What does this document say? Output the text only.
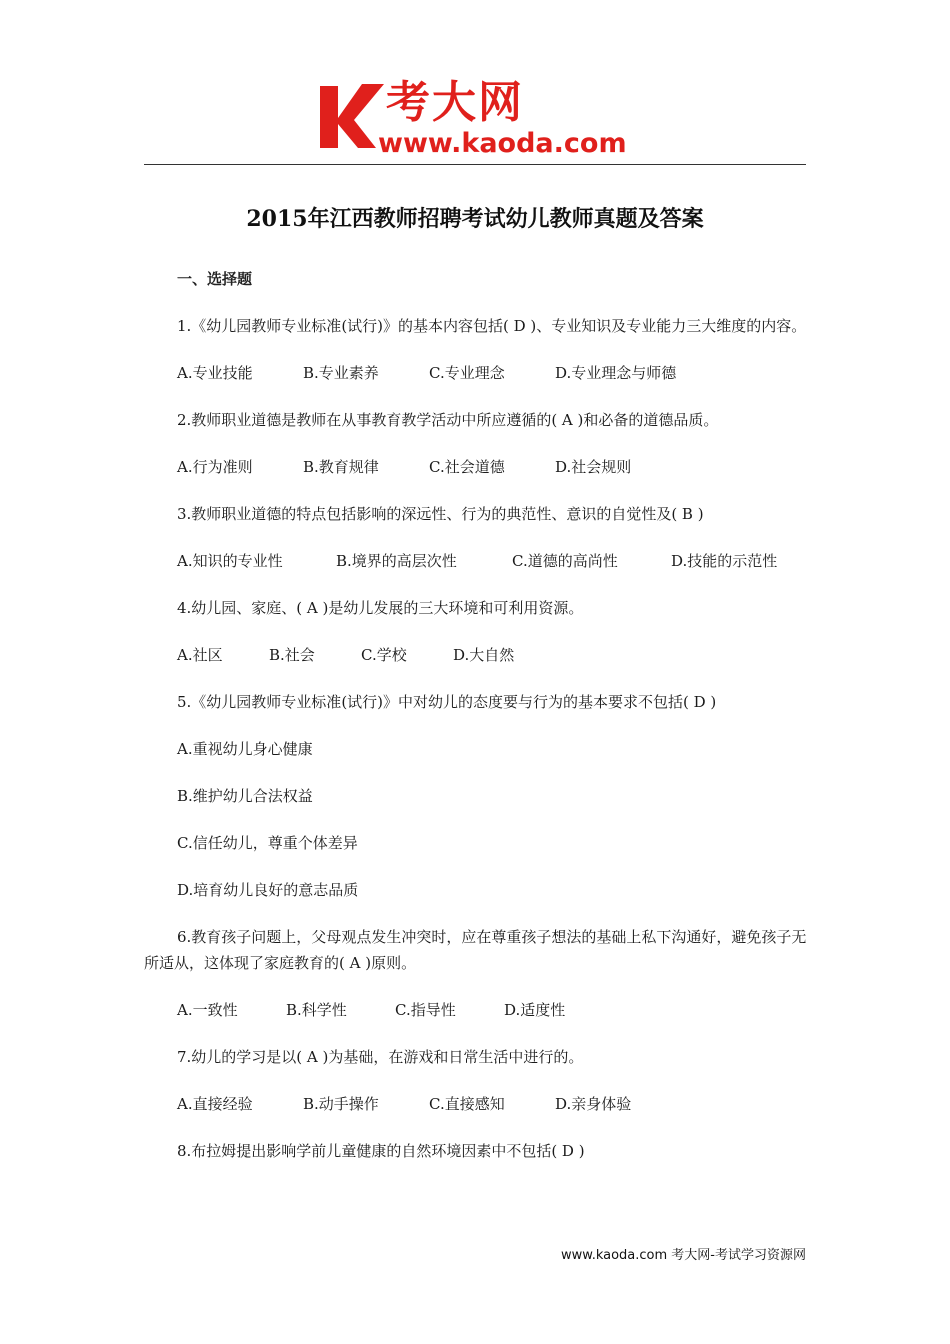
考大网
www.kaoda.com
2015年江西教师招聘考试幼儿教师真题及答案
一、选择题
1.《幼儿园教师专业标准(试行)》的基本内容包括( D )、专业知识及专业能力三大维度的内容。
A.专业技能	B.专业素养	C.专业理念	D.专业理念与师德
2.教师职业道德是教师在从事教育教学活动中所应遵循的( A )和必备的道德品质。
A.行为准则	B.教育规律	C.社会道德	D.社会规则
3.教师职业道德的特点包括影响的深远性、行为的典范性、意识的自觉性及( B )
A.知识的专业性	B.境界的高层次性	C.道德的高尚性	D.技能的示范性
4.幼儿园、家庭、( A )是幼儿发展的三大环境和可利用资源。
A.社区	B.社会	C.学校	D.大自然
5.《幼儿园教师专业标准(试行)》中对幼儿的态度要与行为的基本要求不包括( D )
A.重视幼儿身心健康
B.维护幼儿合法权益
C.信任幼儿，尊重个体差异
D.培育幼儿良好的意志品质
6.教育孩子问题上，父母观点发生冲突时，应在尊重孩子想法的基础上私下沟通好，避免孩子无所适从，这体现了家庭教育的( A )原则。
A.一致性	B.科学性	C.指导性	D.适度性
7.幼儿的学习是以( A )为基础，在游戏和日常生活中进行的。
A.直接经验	B.动手操作	C.直接感知	D.亲身体验
8.布拉姆提出影响学前儿童健康的自然环境因素中不包括( D )
www.kaoda.com 考大网-考试学习资源网
